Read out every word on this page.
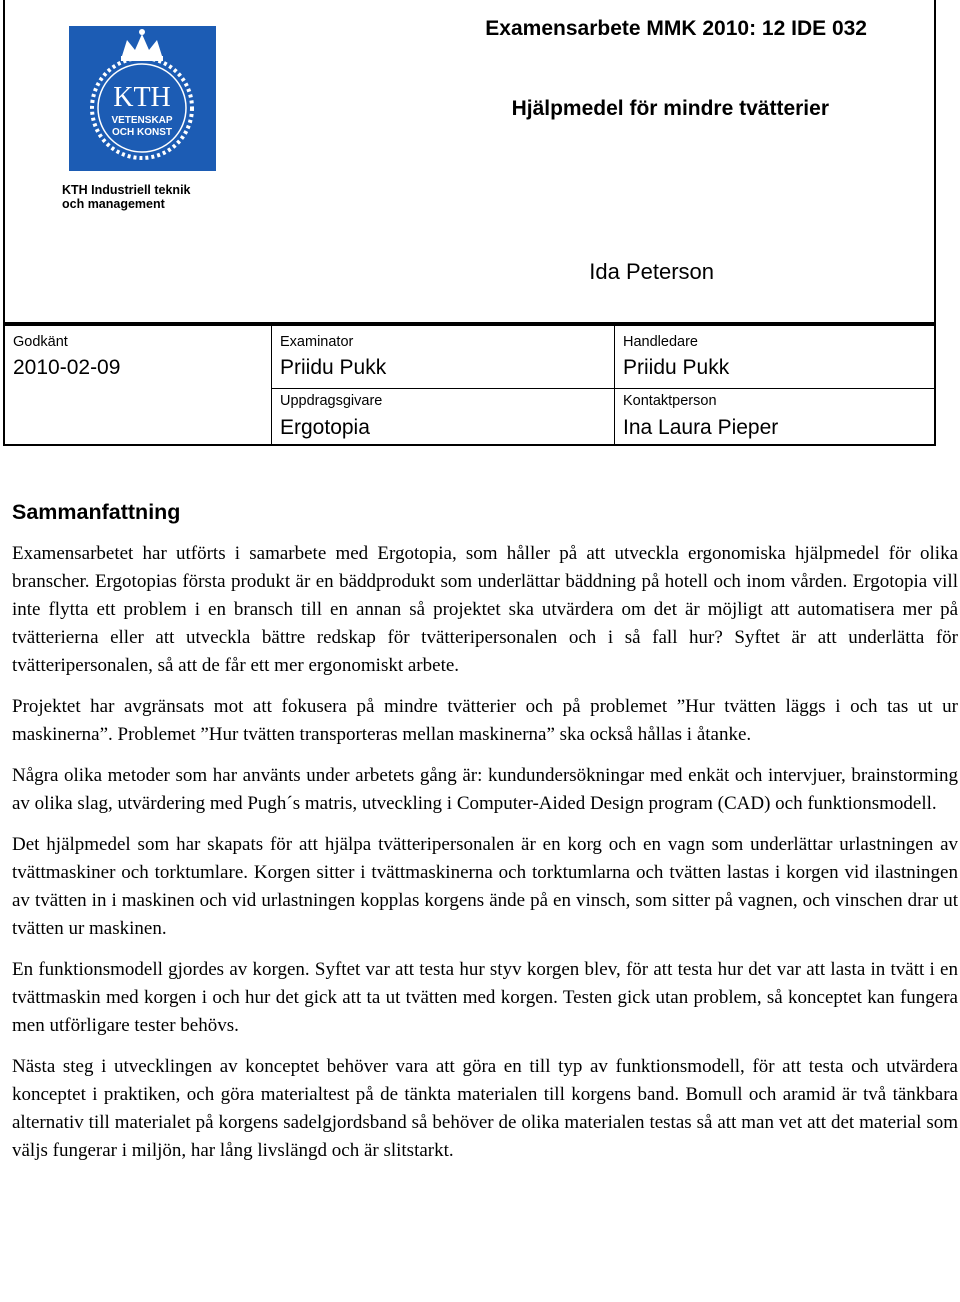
KTH
VETENSKAP
OCH KONST
KTH Industriell teknik
och management
Examensarbete MMK 2010: 12 IDE 032
Hjälpmedel för mindre tvätterier
Ida Peterson
Godkänt
2010-02-09
Examinator
Priidu Pukk
Handledare
Priidu Pukk
Uppdragsgivare
Ergotopia
Kontaktperson
Ina Laura Pieper
Sammanfattning

Examensarbetet har utförts i samarbete med Ergotopia, som håller på att utveckla ergonomiska hjälpmedel för olika branscher. Ergotopias första produkt är en bäddprodukt som underlättar bäddning på hotell och inom vården. Ergotopia vill inte flytta ett problem i en bransch till en annan så projektet ska utvärdera om det är möjligt att automatisera mer på tvätterierna eller att utveckla bättre redskap för tvätteripersonalen och i så fall hur? Syftet är att underlätta för tvätteripersonalen, så att de får ett mer ergonomiskt arbete.

Projektet har avgränsats mot att fokusera på mindre tvätterier och på problemet ”Hur tvätten läggs i och tas ut ur maskinerna”. Problemet ”Hur tvätten transporteras mellan maskinerna” ska också hållas i åtanke.

Några olika metoder som har använts under arbetets gång är: kundundersökningar med enkät och intervjuer, brainstorming av olika slag, utvärdering med Pugh´s matris, utveckling i Computer-Aided Design program (CAD) och funktionsmodell.

Det hjälpmedel som har skapats för att hjälpa tvätteripersonalen är en korg och en vagn som underlättar urlastningen av tvättmaskiner och torktumlare. Korgen sitter i tvättmaskinerna och torktumlarna och tvätten lastas i korgen vid ilastningen av tvätten in i maskinen och vid urlastningen kopplas korgens ände på en vinsch, som sitter på vagnen, och vinschen drar ut tvätten ur maskinen.

En funktionsmodell gjordes av korgen. Syftet var att testa hur styv korgen blev, för att testa hur det var att lasta in tvätt i en tvättmaskin med korgen i och hur det gick att ta ut tvätten med korgen. Testen gick utan problem, så konceptet kan fungera men utförligare tester behövs.

Nästa steg i utvecklingen av konceptet behöver vara att göra en till typ av funktionsmodell, för att testa och utvärdera konceptet i praktiken, och göra materialtest på de tänkta materialen till korgens band. Bomull och aramid är två tänkbara alternativ till materialet på korgens sadelgjordsband så behöver de olika materialen testas så att man vet att det material som väljs fungerar i miljön, har lång livslängd och är slitstarkt.
